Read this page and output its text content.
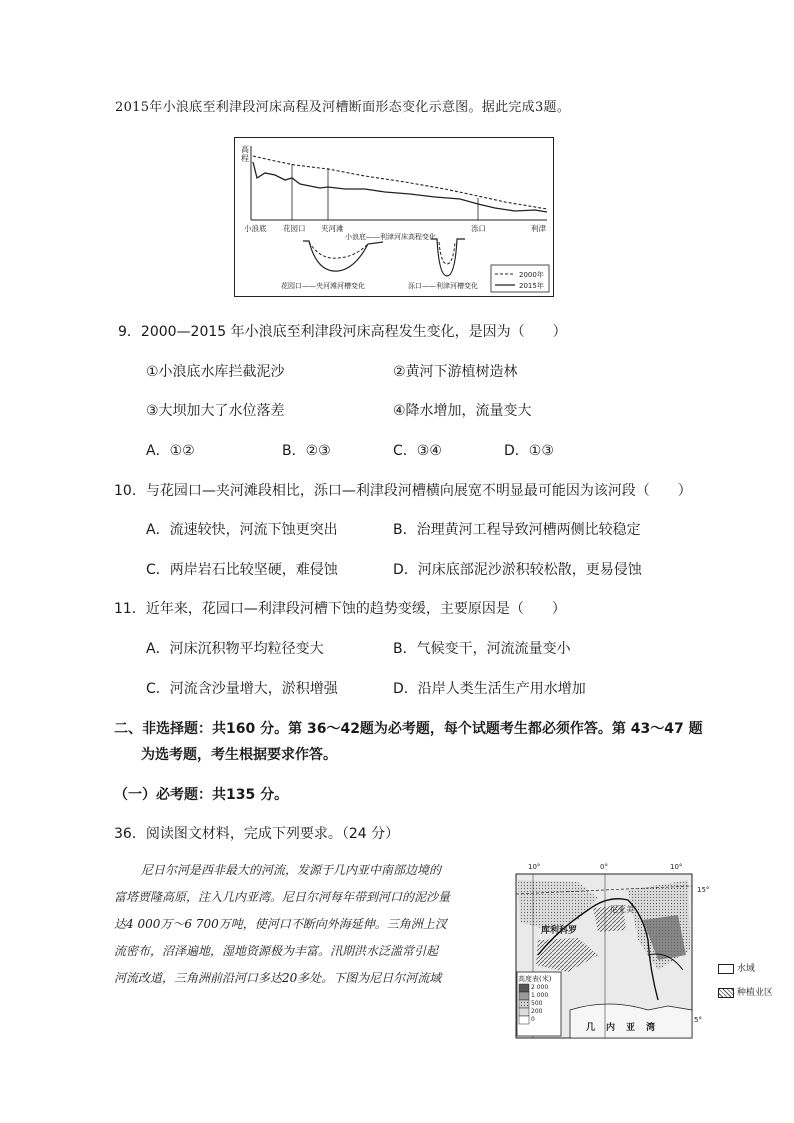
2015年小浪底至利津段河床高程及河槽断面形态变化示意图。据此完成3题。
高
程
小浪底 花园口 夹河滩	泺口	利津
小浪底——利津河床高程变化
花园口——夹河滩河槽变化	泺口——利津河槽变化
2000年
2015年
9．2000—2015 年小浪底至利津段河床高程发生变化，是因为（　　）
①小浪底水库拦截泥沙	②黄河下游植树造林
③大坝加大了水位落差	④降水增加，流量变大
A．①②	B．②③	C．③④	D．①③
10．与花园口—夹河滩段相比，泺口—利津段河槽横向展宽不明显最可能因为该河段（　　）
A．流速较快，河流下蚀更突出	B．治理黄河工程导致河槽两侧比较稳定
C．两岸岩石比较坚硬，难侵蚀	D．河床底部泥沙淤积较松散，更易侵蚀
11．近年来，花园口—利津段河槽下蚀的趋势变缓，主要原因是（　　）
A．河床沉积物平均粒径变大	B．气候变干，河流流量变小
C．河流含沙量增大，淤积增强	D．沿岸人类生活生产用水增加
二、非选择题：共160 分。第 36～42题为必考题，每个试题考生都必须作答。第 43～47 题
为选考题，考生根据要求作答。
（一）必考题：共135 分。
36．阅读图文材料，完成下列要求。（24 分）
尼日尔河是西非最大的河流，发源于几内亚中南部边境的
富塔贾隆高原，注入几内亚湾。尼日尔河每年带到河口的泥沙量
达4 000万～6 700万吨，使河口不断向外海延伸。三角洲上汊
流密布，沼泽遍地，湿地资源极为丰富。汛期洪水泛滥常引起
河流改道，三角洲前沿河口多达20多处。下图为尼日尔河流域
10°	0°	10°
15°
5°
库利科罗
尼亚美
高度表(米)
2 000
1 000
500
200
0
几 内 亚 湾
水域
种植业区
